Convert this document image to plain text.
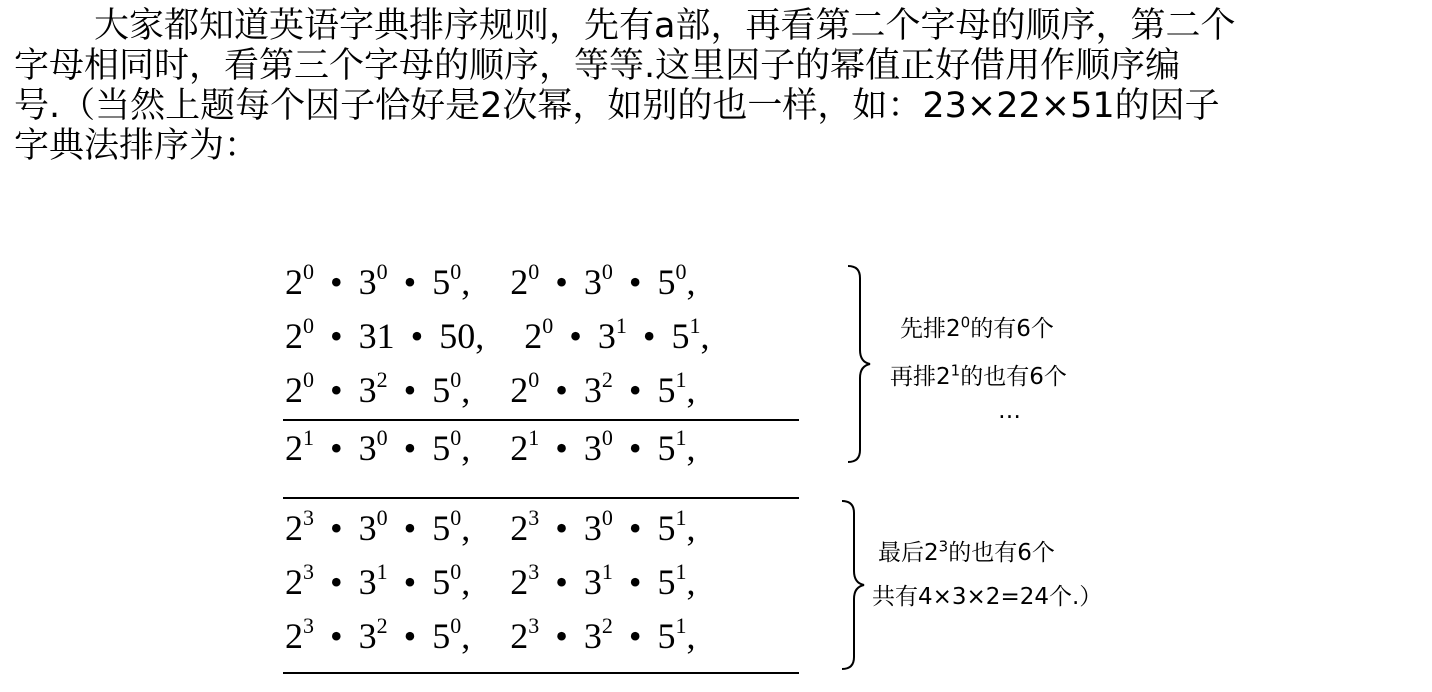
大家都知道英语字典排序规则，先有a部，再看第二个字母的顺序，第二个
字母相同时，看第三个字母的顺序，等等.这里因子的幂值正好借用作顺序编
号.（当然上题每个因子恰好是2次幂，如别的也一样，如：23×22×51的因子
字典法排序为：
$2^0$ • $3^0$ • $5^0$, $2^0$ • $3^0$ • $5^0$,
$2^0$ • 31 • 50, $2^0$ • $3^1$ • $5^1$,
$2^0$ • $3^2$ • $5^0$, $2^0$ • $3^2$ • $5^1$,
$2^1$ • $3^0$ • $5^0$, $2^1$ • $3^0$ • $5^1$,
$2^3$ • $3^0$ • $5^0$, $2^3$ • $3^0$ • $5^1$,
$2^3$ • $3^1$ • $5^0$, $2^3$ • $3^1$ • $5^1$,
$2^3$ • $3^2$ • $5^0$, $2^3$ • $3^2$ • $5^1$,
先排$2^0$的有6个
再排$2^1$的也有6个
…
最后$2^3$的也有6个
共有4×3×2=24个.）
